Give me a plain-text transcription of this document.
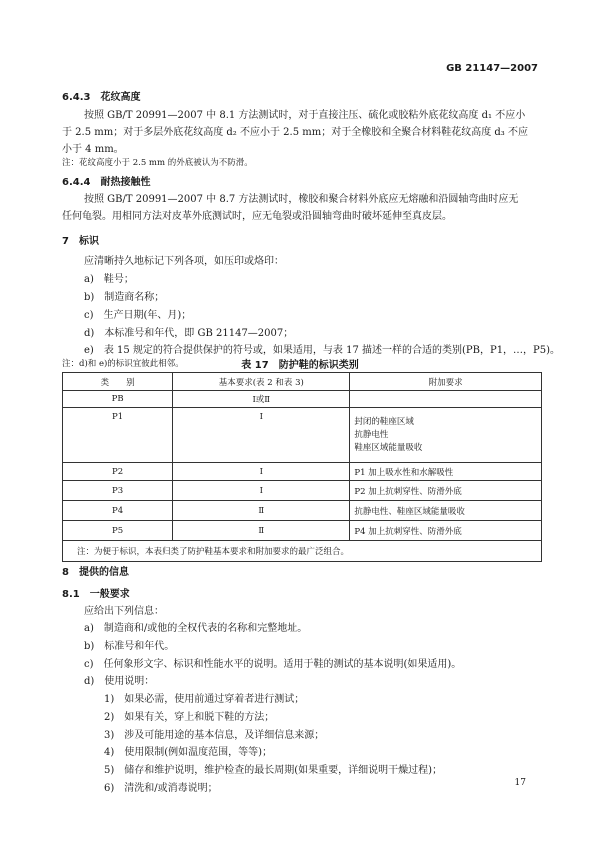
GB 21147—2007
6.4.3　花纹高度
按照 GB/T 20991—2007 中 8.1 方法测试时，对于直接注压、硫化或胶粘外底花纹高度 d₁ 不应小
于 2.5 mm；对于多层外底花纹高度 d₂ 不应小于 2.5 mm；对于全橡胶和全聚合材料鞋花纹高度 d₃ 不应
小于 4 mm。
注：花纹高度小于 2.5 mm 的外底被认为不防滑。
6.4.4　耐热接触性
按照 GB/T 20991—2007 中 8.7 方法测试时，橡胶和聚合材料外底应无熔融和沿圆轴弯曲时应无
任何龟裂。用相同方法对皮革外底测试时，应无龟裂或沿圆轴弯曲时破坏延伸至真皮层。
7　标识
应清晰持久地标记下列各项，如压印或烙印：
a)　鞋号；
b)　制造商名称；
c)　生产日期(年、月)；
d)　本标准号和年代，即 GB 21147—2007；
e)　表 15 规定的符合提供保护的符号或，如果适用，与表 17 描述一样的合适的类别(PB，P1，…，P5)。
注：d)和 e)的标识宜彼此相邻。	表 17　防护鞋的标识类别
类　　别	基本要求(表 2 和表 3)	附加要求
PB	Ⅰ或Ⅱ	
P1	Ⅰ	封闭的鞋座区域
抗静电性
鞋座区域能量吸收

P2	Ⅰ	P1 加上吸水性和水解吸性
P3	Ⅰ	P2 加上抗刺穿性、防滑外底
P4	Ⅱ	抗静电性、鞋座区域能量吸收
P5	Ⅱ	P4 加上抗刺穿性、防滑外底
注：为便于标识，本表归类了防护鞋基本要求和附加要求的最广泛组合。		
8　提供的信息
8.1　一般要求
应给出下列信息：
a)　制造商和/或他的全权代表的名称和完整地址。
b)　标准号和年代。
c)　任何象形文字、标识和性能水平的说明。适用于鞋的测试的基本说明(如果适用)。
d)　使用说明：
1)　如果必需，使用前通过穿着者进行测试；
2)　如果有关，穿上和脱下鞋的方法；
3)　涉及可能用途的基本信息，及详细信息来源；
4)　使用限制(例如温度范围，等等)；
5)　储存和维护说明，维护检查的最长周期(如果重要，详细说明干燥过程)；
6)　清洗和/或消毒说明；	17
